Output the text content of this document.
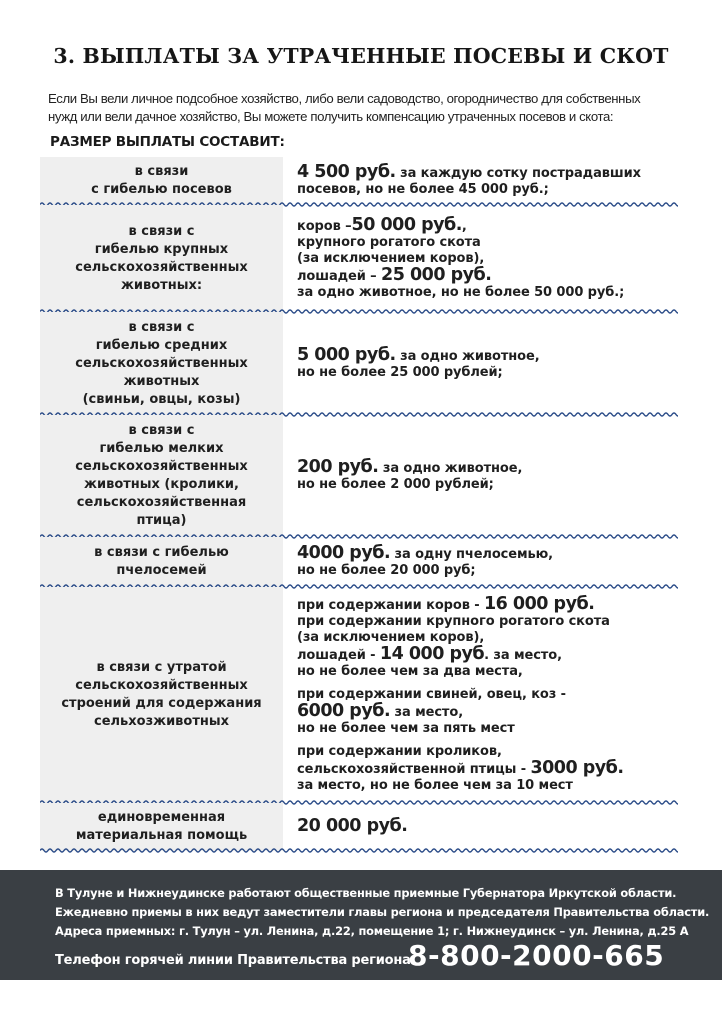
3. ВЫПЛАТЫ ЗА УТРАЧЕННЫЕ ПОСЕВЫ И СКОТ
Если Вы вели личное подсобное хозяйство, либо вели садоводство, огородничество для собственных
нужд или вели дачное хозяйство, Вы можете получить компенсацию утраченных посевов и скота:
РАЗМЕР ВЫПЛАТЫ СОСТАВИТ:
в связи
с гибелью посевов
4 500 руб. за каждую сотку пострадавших
посевов, но не более 45 000 руб.;
в связи с
гибелью крупных
сельскохозяйственных
животных:
коров –50 000 руб.,
крупного рогатого скота
(за исключением коров),
лошадей – 25 000 руб.
за одно животное, но не более 50 000 руб.;
в связи с
гибелью средних
сельскохозяйственных
животных
(свиньи, овцы, козы)
5 000 руб. за одно животное,
но не более 25 000 рублей;
в связи с
гибелью мелких
сельскохозяйственных
животных (кролики,
сельскохозяйственная
птица)
200 руб. за одно животное,
но не более 2 000 рублей;
в связи с гибелью
пчелосемей
4000 руб. за одну пчелосемью,
но не более 20 000 руб;
в связи с утратой
сельскохозяйственных
строений для содержания
сельхозживотных
при содержании коров - 16 000 руб.
при содержании крупного рогатого скота
(за исключением коров),
лошадей - 14 000 руб. за место,
но не более чем за два места,
при содержании свиней, овец, коз -
6000 руб. за место,
но не более чем за пять мест
при содержании кроликов,
сельскохозяйственной птицы - 3000 руб.
за место, но не более чем за 10 мест
единовременная
материальная помощь	20 000 руб.
В Тулуне и Нижнеудинске работают общественные приемные Губернатора Иркутской области.
Ежедневно приемы в них ведут заместители главы региона и председателя Правительства области.
Адреса приемных: г. Тулун – ул. Ленина, д.22, помещение 1; г. Нижнеудинск – ул. Ленина, д.25 А
Телефон горячей линии Правительства региона:
8-800-2000-665
